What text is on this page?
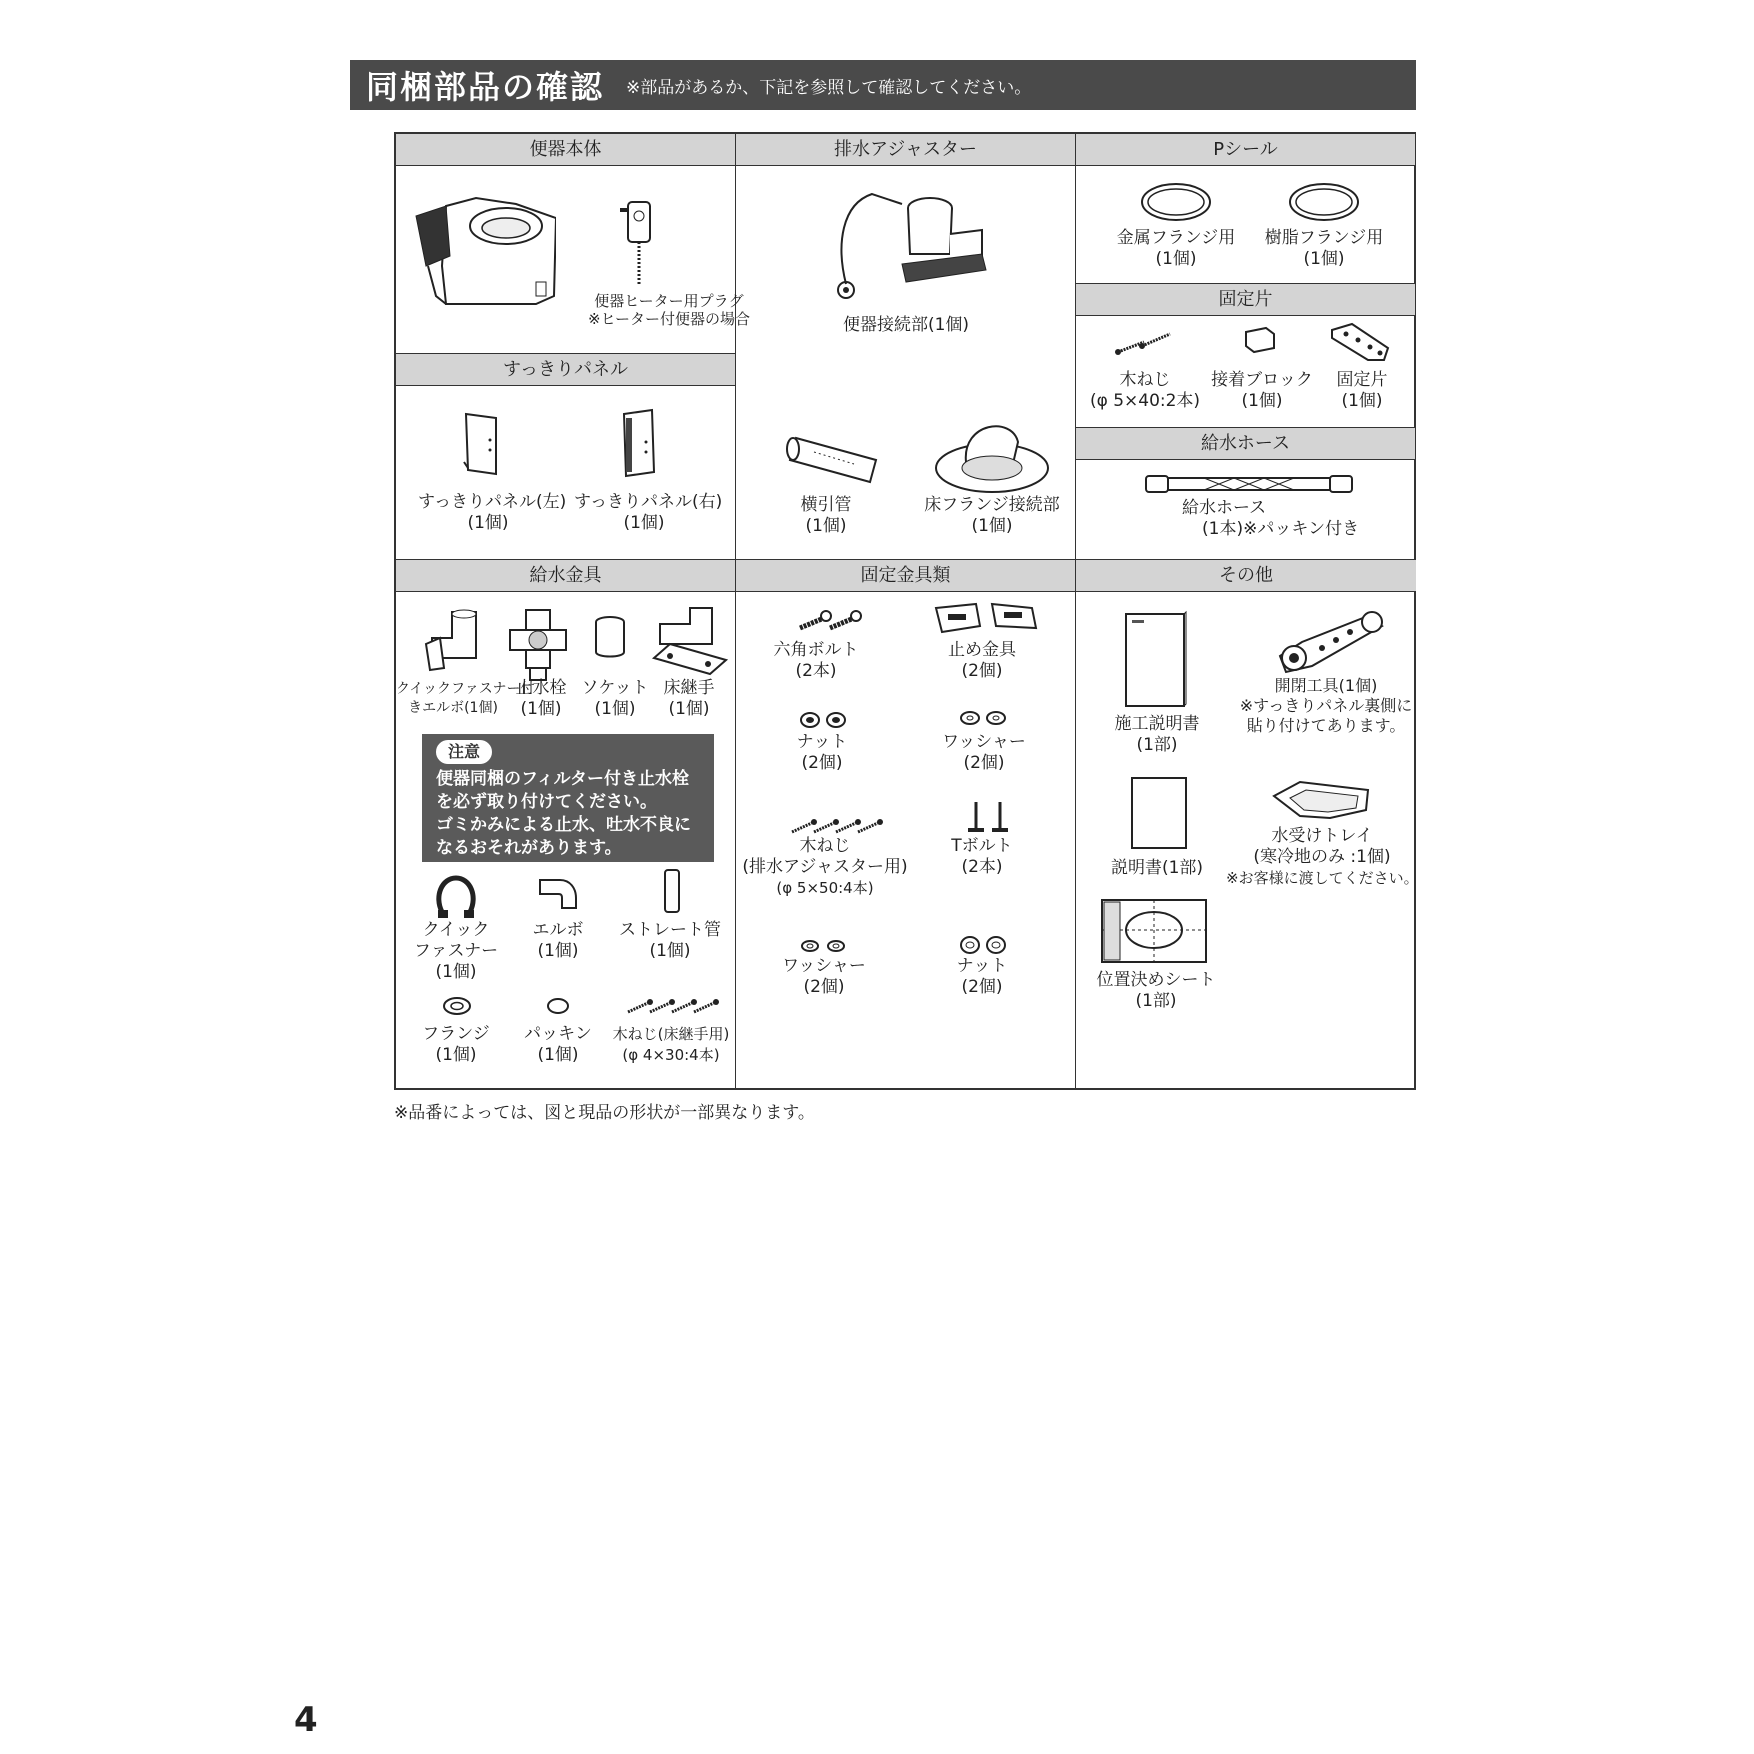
同梱部品の確認 ※部品があるか、下記を参照して確認してください。
便器本体
便器ヒーター用プラグ
※ヒーター付便器の場合
すっきりパネル
すっきりパネル(左)
(1個)
すっきりパネル(右)
(1個)
排水アジャスター
便器接続部(1個)
横引管
(1個)
床フランジ接続部
(1個)
Pシール
金属フランジ用
(1個)
樹脂フランジ用
(1個)
固定片
木ねじ
(φ 5×40:2本)
接着ブロック
(1個)
固定片
(1個)
給水ホース
給水ホース
(1本)※パッキン付き
給水金具
クイックファスナー付
きエルボ(1個)
止水栓
(1個)
ソケット
(1個)
床継手
(1個)
注意
便器同梱のフィルター付き止水栓
を必ず取り付けてください。
ゴミかみによる止水、吐水不良に
なるおそれがあります。
クイック
ファスナー
(1個)
エルボ
(1個)
ストレート管
(1個)
フランジ
(1個)
パッキン
(1個)
木ねじ(床継手用)
(φ 4×30:4本)
固定金具類
六角ボルト
(2本)
止め金具
(2個)
ナット
(2個)
ワッシャー
(2個)
木ねじ
(排水アジャスター用)
(φ 5×50:4本)
Tボルト
(2本)
ワッシャー
(2個)
ナット
(2個)
その他
施工説明書
(1部)
開閉工具(1個)
※すっきりパネル裏側に
貼り付けてあります。
説明書(1部)
水受けトレイ
(寒冷地のみ :1個)
※お客様に渡してください。
位置決めシート
(1部)
※品番によっては、図と現品の形状が一部異なります。
4
